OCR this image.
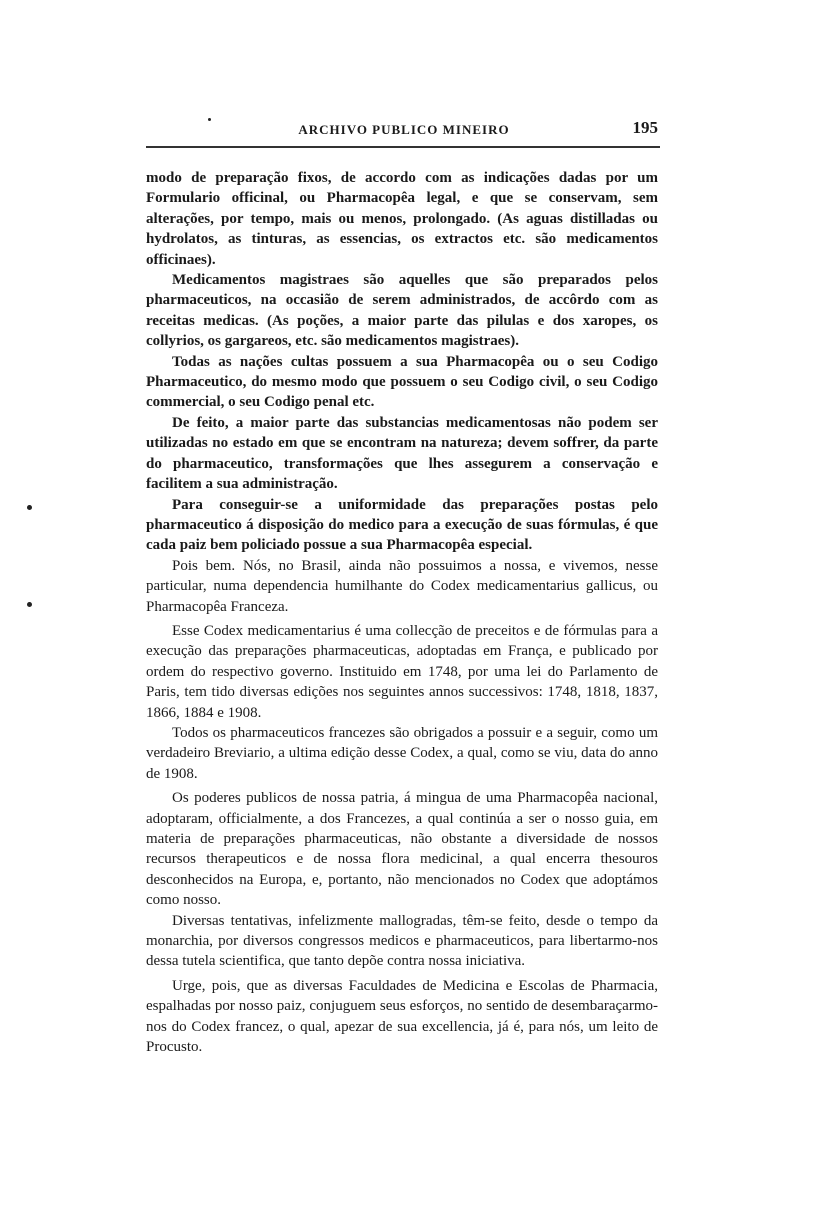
ARCHIVO PUBLICO MINEIRO	195

modo de preparação fixos, de accordo com as indicações dadas por um Formulario officinal, ou Pharmacopêa legal, e que se conservam, sem alterações, por tempo, mais ou menos, prolongado. (As aguas distilladas ou hydrolatos, as tinturas, as essencias, os extractos etc. são medicamentos officinaes).

Medicamentos magistraes são aquelles que são preparados pelos pharmaceuticos, na occasião de serem administrados, de accôrdo com as receitas medicas. (As poções, a maior parte das pilulas e dos xaropes, os collyrios, os gargareos, etc. são medicamentos magistraes).

Todas as nações cultas possuem a sua Pharmacopêa ou o seu Codigo Pharmaceutico, do mesmo modo que possuem o seu Codigo civil, o seu Codigo commercial, o seu Codigo penal etc.

De feito, a maior parte das substancias medicamentosas não podem ser utilizadas no estado em que se encontram na natureza; devem soffrer, da parte do pharmaceutico, transformações que lhes assegurem a conservação e facilitem a sua administração.

Para conseguir-se a uniformidade das preparações postas pelo pharmaceutico á disposição do medico para a execução de suas fórmulas, é que cada paiz bem policiado possue a sua Pharmacopêa especial.

Pois bem. Nós, no Brasil, ainda não possuimos a nossa, e vivemos, nesse particular, numa dependencia humilhante do Codex medicamentarius gallicus, ou Pharmacopêa Franceza.

Esse Codex medicamentarius é uma collecção de preceitos e de fórmulas para a execução das preparações pharmaceuticas, adoptadas em França, e publicado por ordem do respectivo governo. Instituido em 1748, por uma lei do Parlamento de Paris, tem tido diversas edições nos seguintes annos successivos: 1748, 1818, 1837, 1866, 1884 e 1908.

Todos os pharmaceuticos francezes são obrigados a possuir e a seguir, como um verdadeiro Breviario, a ultima edição desse Codex, a qual, como se viu, data do anno de 1908.

Os poderes publicos de nossa patria, á mingua de uma Pharmacopêa nacional, adoptaram, officialmente, a dos Francezes, a qual continúa a ser o nosso guia, em materia de preparações pharmaceuticas, não obstante a diversidade de nossos recursos therapeuticos e de nossa flora medicinal, a qual encerra thesouros desconhecidos na Europa, e, portanto, não mencionados no Codex que adoptámos como nosso.

Diversas tentativas, infelizmente mallogradas, têm-se feito, desde o tempo da monarchia, por diversos congressos medicos e pharmaceuticos, para libertarmo-nos dessa tutela scientifica, que tanto depõe contra nossa iniciativa.

Urge, pois, que as diversas Faculdades de Medicina e Escolas de Pharmacia, espalhadas por nosso paiz, conjuguem seus esforços, no sentido de desembaraçarmo-nos do Codex francez, o qual, apezar de sua excellencia, já é, para nós, um leito de Procusto.
